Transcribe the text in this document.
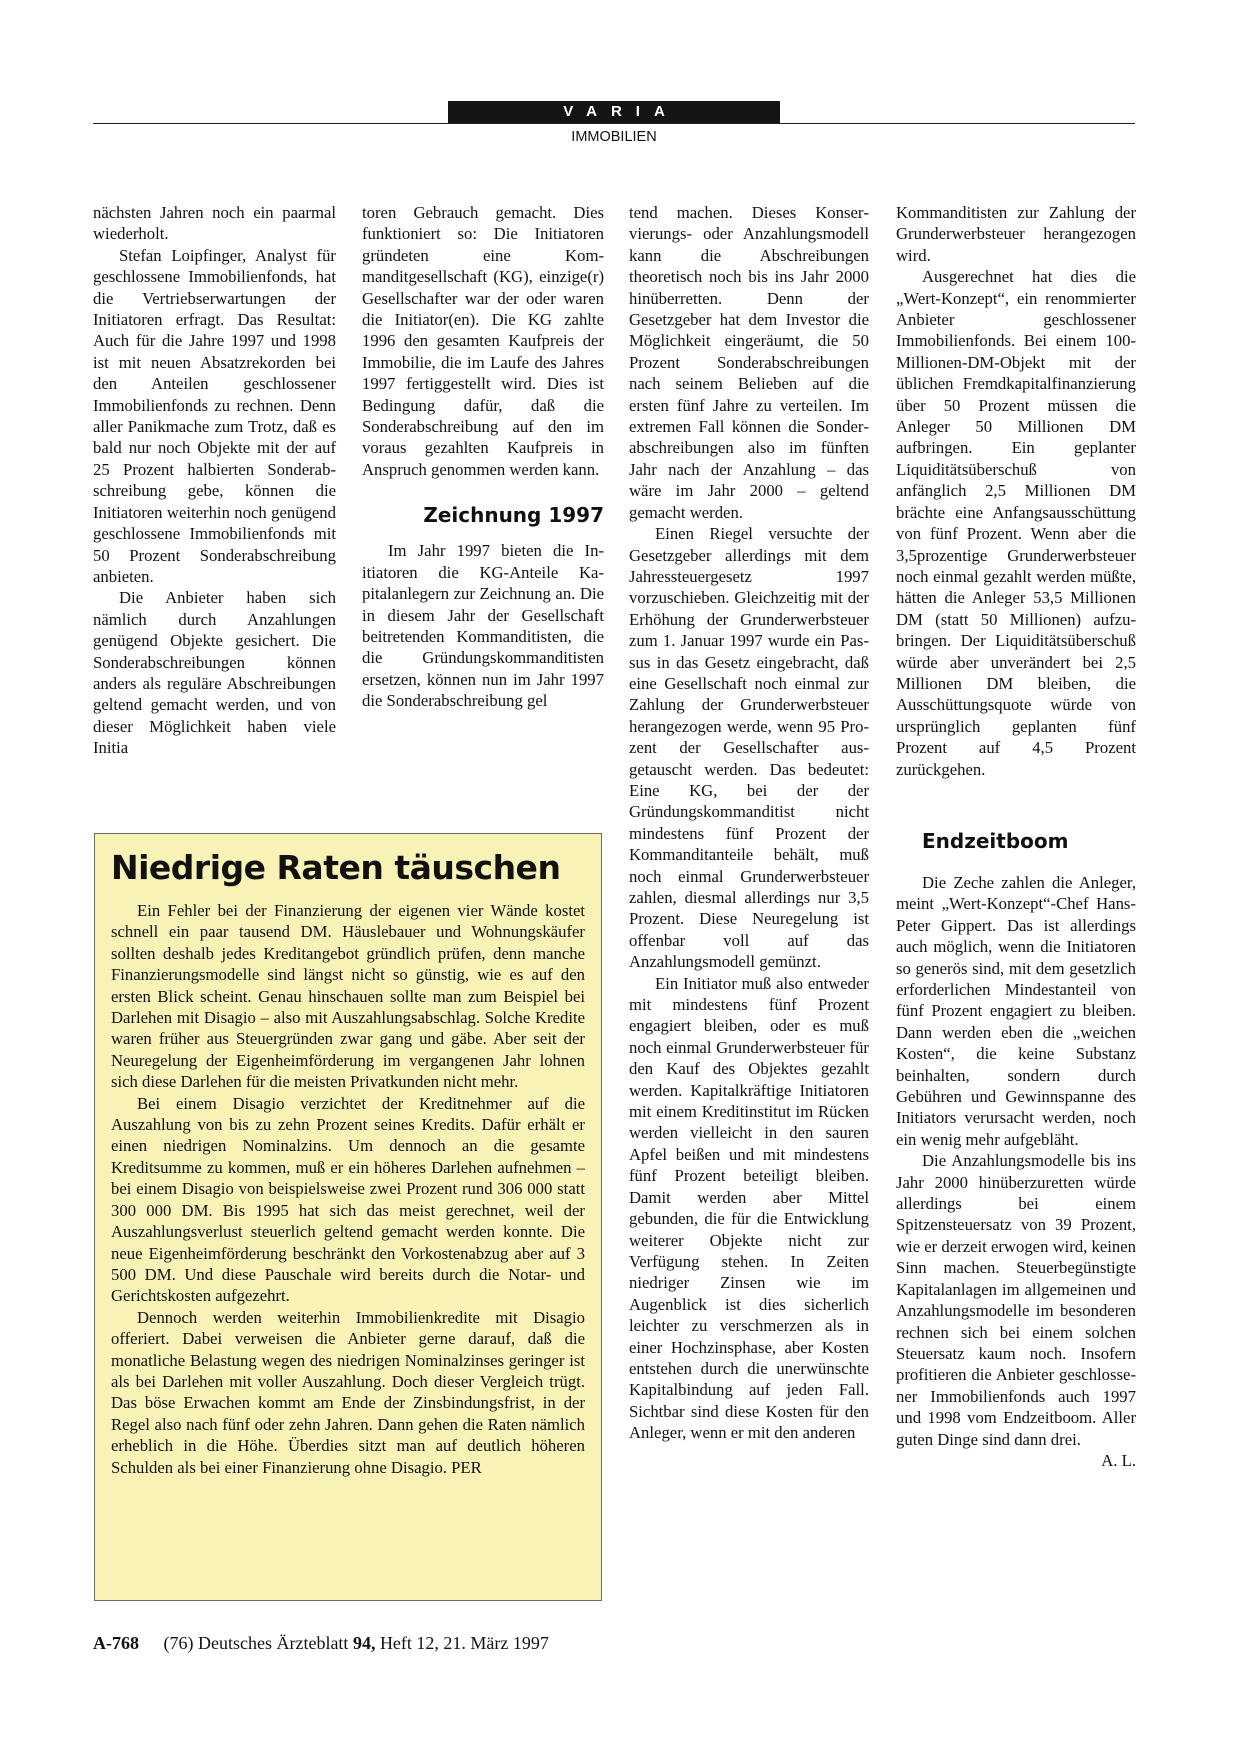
VARIA
IMMOBILIEN

nächsten Jahren noch ein paarmal wiederholt.

Stefan Loipfinger, Analyst für geschlossene Immobilienfonds, hat die Vertriebserwartungen der Initiatoren erfragt. Das Resultat: Auch für die Jahre 1997 und 1998 ist mit neuen Absatzrekorden bei den Anteilen geschlossener Immobilienfonds zu rechnen. Denn aller Panikmache zum Trotz, daß es bald nur noch Objekte mit der auf 25 Prozent halbierten Sonderabschreibung gebe, können die Initiatoren weiterhin noch genügend geschlossene Immobilienfonds mit 50 Prozent Sonderabschreibung anbieten.

Die Anbieter haben sich nämlich durch Anzahlungen genügend Objekte gesichert. Die Sonderabschreibungen können anders als reguläre Abschreibungen geltend gemacht werden, und von dieser Möglichkeit haben viele Initia

toren Gebrauch gemacht. Dies funktioniert so: Die Initiatoren gründeten eine Kommanditgesellschaft (KG), einzige(r) Gesellschafter war der oder waren die Initiator(en). Die KG zahlte 1996 den gesamten Kaufpreis der Immobilie, die im Laufe des Jahres 1997 fertiggestellt wird. Dies ist Bedingung dafür, daß die Sonderabschreibung auf den im voraus gezahlten Kaufpreis in Anspruch genommen werden kann.

Zeichnung 1997

Im Jahr 1997 bieten die Initiatoren die KG-Anteile Kapitalanlegern zur Zeichnung an. Die in diesem Jahr der Gesellschaft beitretenden Kommanditisten, die die Gründungskommanditisten ersetzen, können nun im Jahr 1997 die Sonderabschreibung gel

tend machen. Dieses Konservierungs- oder Anzahlungsmodell kann die Abschreibungen theoretisch noch bis ins Jahr 2000 hinüberretten. Denn der Gesetzgeber hat dem Investor die Möglichkeit eingeräumt, die 50 Prozent Sonderabschreibungen nach seinem Belieben auf die ersten fünf Jahre zu verteilen. Im extremen Fall können die Sonderabschreibungen also im fünften Jahr nach der Anzahlung – das wäre im Jahr 2000 – geltend gemacht werden.

Einen Riegel versuchte der Gesetzgeber allerdings mit dem Jahressteuergesetz 1997 vorzuschieben. Gleichzeitig mit der Erhöhung der Grunderwerbsteuer zum 1. Januar 1997 wurde ein Passus in das Gesetz eingebracht, daß eine Gesellschaft noch einmal zur Zahlung der Grunderwerbsteuer herangezogen werde, wenn 95 Prozent der Gesellschafter ausgetauscht werden. Das bedeutet: Eine KG, bei der der Gründungskommanditist nicht mindestens fünf Prozent der Kommanditanteile behält, muß noch einmal Grunderwerbsteuer zahlen, diesmal allerdings nur 3,5 Prozent. Diese Neuregelung ist offenbar voll auf das Anzahlungsmodell gemünzt.

Ein Initiator muß also entweder mit mindestens fünf Prozent engagiert bleiben, oder es muß noch einmal Grunderwerbsteuer für den Kauf des Objektes gezahlt werden. Kapitalkräftige Initiatoren mit einem Kreditinstitut im Rücken werden vielleicht in den sauren Apfel beißen und mit mindestens fünf Prozent beteiligt bleiben. Damit werden aber Mittel gebunden, die für die Entwicklung weiterer Objekte nicht zur Verfügung stehen. In Zeiten niedriger Zinsen wie im Augenblick ist dies sicherlich leichter zu verschmerzen als in einer Hochzinsphase, aber Kosten entstehen durch die unerwünschte Kapitalbindung auf jeden Fall. Sichtbar sind diese Kosten für den Anleger, wenn er mit den anderen

Kommanditisten zur Zahlung der Grunderwerbsteuer herangezogen wird.

Ausgerechnet hat dies die „Wert-Konzept“, ein renommierter Anbieter geschlossener Immobilienfonds. Bei einem 100-Millionen-DM-Objekt mit der üblichen Fremdkapitalfinanzierung über 50 Prozent müssen die Anleger 50 Millionen DM aufbringen. Ein geplanter Liquiditätsüberschuß von anfänglich 2,5 Millionen DM brächte eine Anfangsausschüttung von fünf Prozent. Wenn aber die 3,5prozentige Grunderwerbsteuer noch einmal gezahlt werden müßte, hätten die Anleger 53,5 Millionen DM (statt 50 Millionen) aufzubringen. Der Liquiditätsüberschuß würde aber unverändert bei 2,5 Millionen DM bleiben, die Ausschüttungsquote würde von ursprünglich geplanten fünf Prozent auf 4,5 Prozent zurückgehen.

Endzeitboom

Die Zeche zahlen die Anleger, meint „Wert-Konzept“-Chef Hans-Peter Gippert. Das ist allerdings auch möglich, wenn die Initiatoren so generös sind, mit dem gesetzlich erforderlichen Mindestanteil von fünf Prozent engagiert zu bleiben. Dann werden eben die „weichen Kosten“, die keine Substanz beinhalten, sondern durch Gebühren und Gewinnspanne des Initiators verursacht werden, noch ein wenig mehr aufgebläht.

Die Anzahlungsmodelle bis ins Jahr 2000 hinüberzuretten würde allerdings bei einem Spitzensteuersatz von 39 Prozent, wie er derzeit erwogen wird, keinen Sinn machen. Steuerbegünstigte Kapitalanlagen im allgemeinen und Anzahlungsmodelle im besonderen rechnen sich bei einem solchen Steuersatz kaum noch. Insofern profitieren die Anbieter geschlossener Immobilienfonds auch 1997 und 1998 vom Endzeitboom. Aller guten Dinge sind dann drei.
A. L.

Niedrige Raten täuschen

Ein Fehler bei der Finanzierung der eigenen vier Wände kostet schnell ein paar tausend DM. Häuslebauer und Wohnungskäufer sollten deshalb jedes Kreditangebot gründlich prüfen, denn manche Finanzierungsmodelle sind längst nicht so günstig, wie es auf den ersten Blick scheint. Genau hinschauen sollte man zum Beispiel bei Darlehen mit Disagio – also mit Auszahlungsabschlag. Solche Kredite waren früher aus Steuergründen zwar gang und gäbe. Aber seit der Neuregelung der Eigenheimförderung im vergangenen Jahr lohnen sich diese Darlehen für die meisten Privatkunden nicht mehr.

Bei einem Disagio verzichtet der Kreditnehmer auf die Auszahlung von bis zu zehn Prozent seines Kredits. Dafür erhält er einen niedrigen Nominalzins. Um dennoch an die gesamte Kreditsumme zu kommen, muß er ein höheres Darlehen aufnehmen – bei einem Disagio von beispielsweise zwei Prozent rund 306 000 statt 300 000 DM. Bis 1995 hat sich das meist gerechnet, weil der Auszahlungsverlust steuerlich geltend gemacht werden konnte. Die neue Eigenheimförderung beschränkt den Vorkostenabzug aber auf 3 500 DM. Und diese Pauschale wird bereits durch die Notar- und Gerichtskosten aufgezehrt.

Dennoch werden weiterhin Immobilienkredite mit Disagio offeriert. Dabei verweisen die Anbieter gerne darauf, daß die monatliche Belastung wegen des niedrigen Nominalzinses geringer ist als bei Darlehen mit voller Auszahlung. Doch dieser Vergleich trügt. Das böse Erwachen kommt am Ende der Zinsbindungsfrist, in der Regel also nach fünf oder zehn Jahren. Dann gehen die Raten nämlich erheblich in die Höhe. Überdies sitzt man auf deutlich höheren Schulden als bei einer Finanzierung ohne Disagio. PER

A-768 (76) Deutsches Ärzteblatt 94, Heft 12, 21. März 1997
